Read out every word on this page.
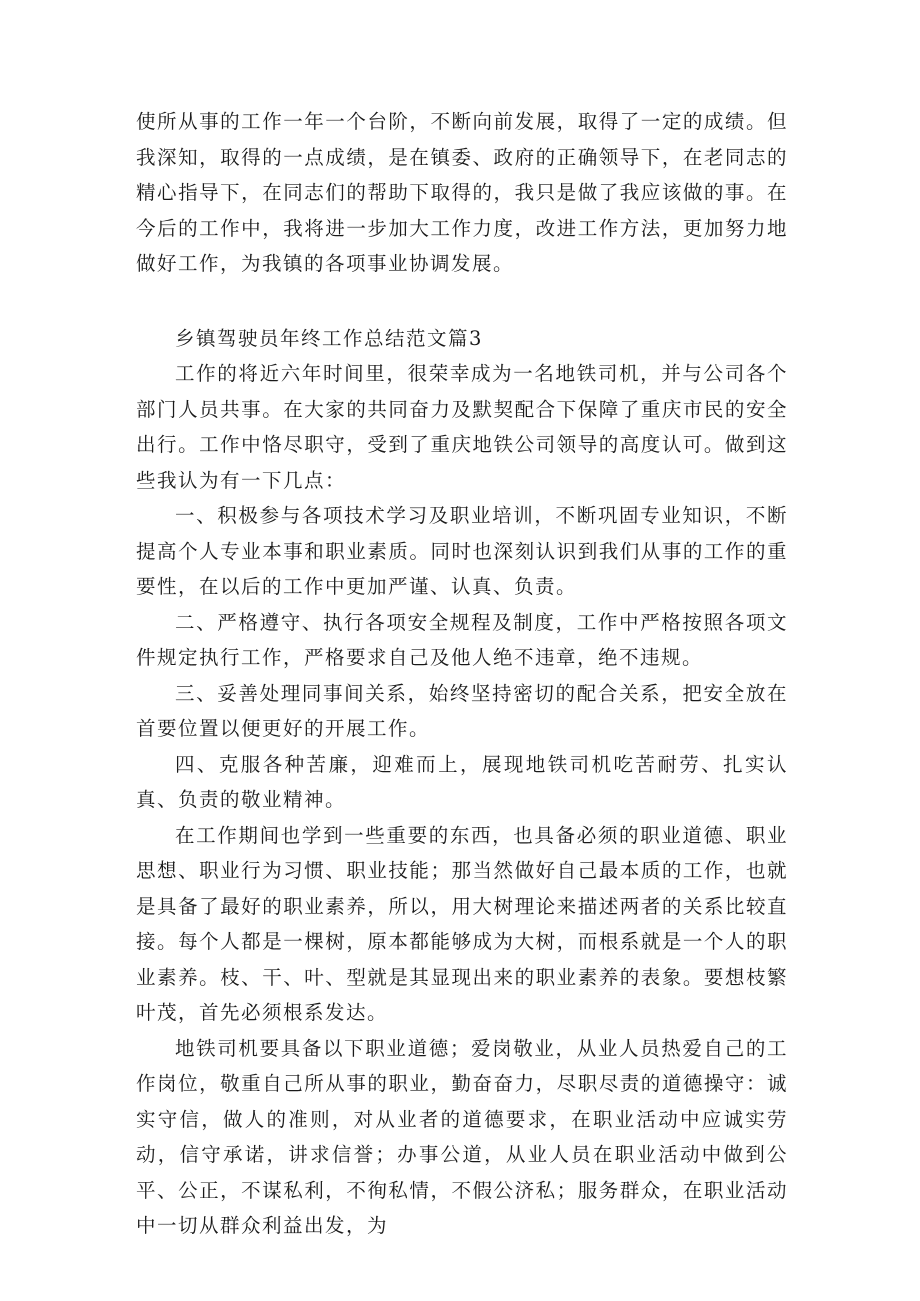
使所从事的工作一年一个台阶，不断向前发展，取得了一定的成绩。但我深知，取得的一点成绩，是在镇委、政府的正确领导下，在老同志的精心指导下，在同志们的帮助下取得的，我只是做了我应该做的事。在今后的工作中，我将进一步加大工作力度，改进工作方法，更加努力地做好工作，为我镇的各项事业协调发展。

乡镇驾驶员年终工作总结范文篇3

工作的将近六年时间里，很荣幸成为一名地铁司机，并与公司各个部门人员共事。在大家的共同奋力及默契配合下保障了重庆市民的安全出行。工作中恪尽职守，受到了重庆地铁公司领导的高度认可。做到这些我认为有一下几点：

一、积极参与各项技术学习及职业培训，不断巩固专业知识，不断提高个人专业本事和职业素质。同时也深刻认识到我们从事的工作的重要性，在以后的工作中更加严谨、认真、负责。

二、严格遵守、执行各项安全规程及制度，工作中严格按照各项文件规定执行工作，严格要求自己及他人绝不违章，绝不违规。

三、妥善处理同事间关系，始终坚持密切的配合关系，把安全放在首要位置以便更好的开展工作。

四、克服各种苦廉，迎难而上，展现地铁司机吃苦耐劳、扎实认真、负责的敬业精神。

在工作期间也学到一些重要的东西，也具备必须的职业道德、职业思想、职业行为习惯、职业技能；那当然做好自己最本质的工作，也就是具备了最好的职业素养，所以，用大树理论来描述两者的关系比较直接。每个人都是一棵树，原本都能够成为大树，而根系就是一个人的职业素养。枝、干、叶、型就是其显现出来的职业素养的表象。要想枝繁叶茂，首先必须根系发达。

地铁司机要具备以下职业道德；爱岗敬业，从业人员热爱自己的工作岗位，敬重自己所从事的职业，勤奋奋力，尽职尽责的道德操守：诚实守信，做人的准则，对从业者的道德要求，在职业活动中应诚实劳动，信守承诺，讲求信誉；办事公道，从业人员在职业活动中做到公平、公正，不谋私利，不徇私情，不假公济私；服务群众，在职业活动中一切从群众利益出发，为
